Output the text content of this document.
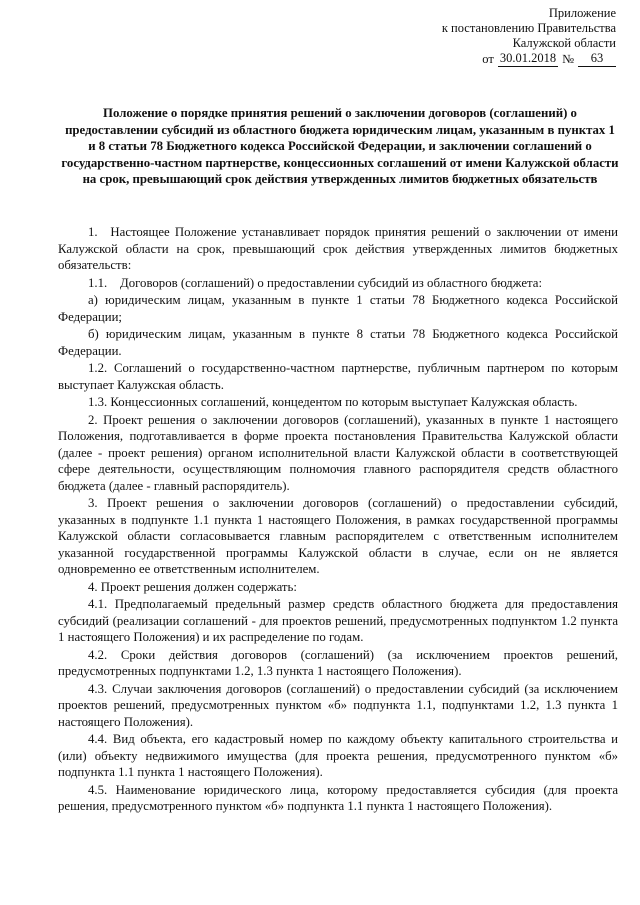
Приложение
к постановлению Правительства
Калужской области
от 30.01.2018 №	63
Положение о порядке принятия решений о заключении договоров (соглашений) о предоставлении субсидий из областного бюджета юридическим лицам, указанным в пунктах 1 и 8 статьи 78 Бюджетного кодекса Российской Федерации, и заключении соглашений о государственно-частном партнерстве, концессионных соглашений от имени Калужской области на срок, превышающий срок действия утвержденных лимитов бюджетных обязательств

1. Настоящее Положение устанавливает порядок принятия решений о заключении от имени Калужской области на срок, превышающий срок действия утвержденных лимитов бюджетных обязательств:

1.1. Договоров (соглашений) о предоставлении субсидий из областного бюджета:

а) юридическим лицам, указанным в пункте 1 статьи 78 Бюджетного кодекса Российской Федерации;

б) юридическим лицам, указанным в пункте 8 статьи 78 Бюджетного кодекса Российской Федерации.

1.2. Соглашений о государственно-частном партнерстве, публичным партнером по которым выступает Калужская область.

1.3. Концессионных соглашений, концедентом по которым выступает Калужская область.

2. Проект решения о заключении договоров (соглашений), указанных в пункте 1 настоящего Положения, подготавливается в форме проекта постановления Правительства Калужской области (далее - проект решения) органом исполнительной власти Калужской области в соответствующей сфере деятельности, осуществляющим полномочия главного распорядителя средств областного бюджета (далее - главный распорядитель).

3. Проект решения о заключении договоров (соглашений) о предоставлении субсидий, указанных в подпункте 1.1 пункта 1 настоящего Положения, в рамках государственной программы Калужской области согласовывается главным распорядителем с ответственным исполнителем указанной государственной программы Калужской области в случае, если он не является одновременно ее ответственным исполнителем.

4. Проект решения должен содержать:

4.1. Предполагаемый предельный размер средств областного бюджета для предоставления субсидий (реализации соглашений - для проектов решений, предусмотренных подпунктом 1.2 пункта 1 настоящего Положения) и их распределение по годам.

4.2. Сроки действия договоров (соглашений) (за исключением проектов решений, предусмотренных подпунктами 1.2, 1.3 пункта 1 настоящего Положения).

4.3. Случаи заключения договоров (соглашений) о предоставлении субсидий (за исключением проектов решений, предусмотренных пунктом «б» подпункта 1.1, подпунктами 1.2, 1.3 пункта 1 настоящего Положения).

4.4. Вид объекта, его кадастровый номер по каждому объекту капитального строительства и (или) объекту недвижимого имущества (для проекта решения, предусмотренного пунктом «б» подпункта 1.1 пункта 1 настоящего Положения).

4.5. Наименование юридического лица, которому предоставляется субсидия (для проекта решения, предусмотренного пунктом «б» подпункта 1.1 пункта 1 настоящего Положения).
